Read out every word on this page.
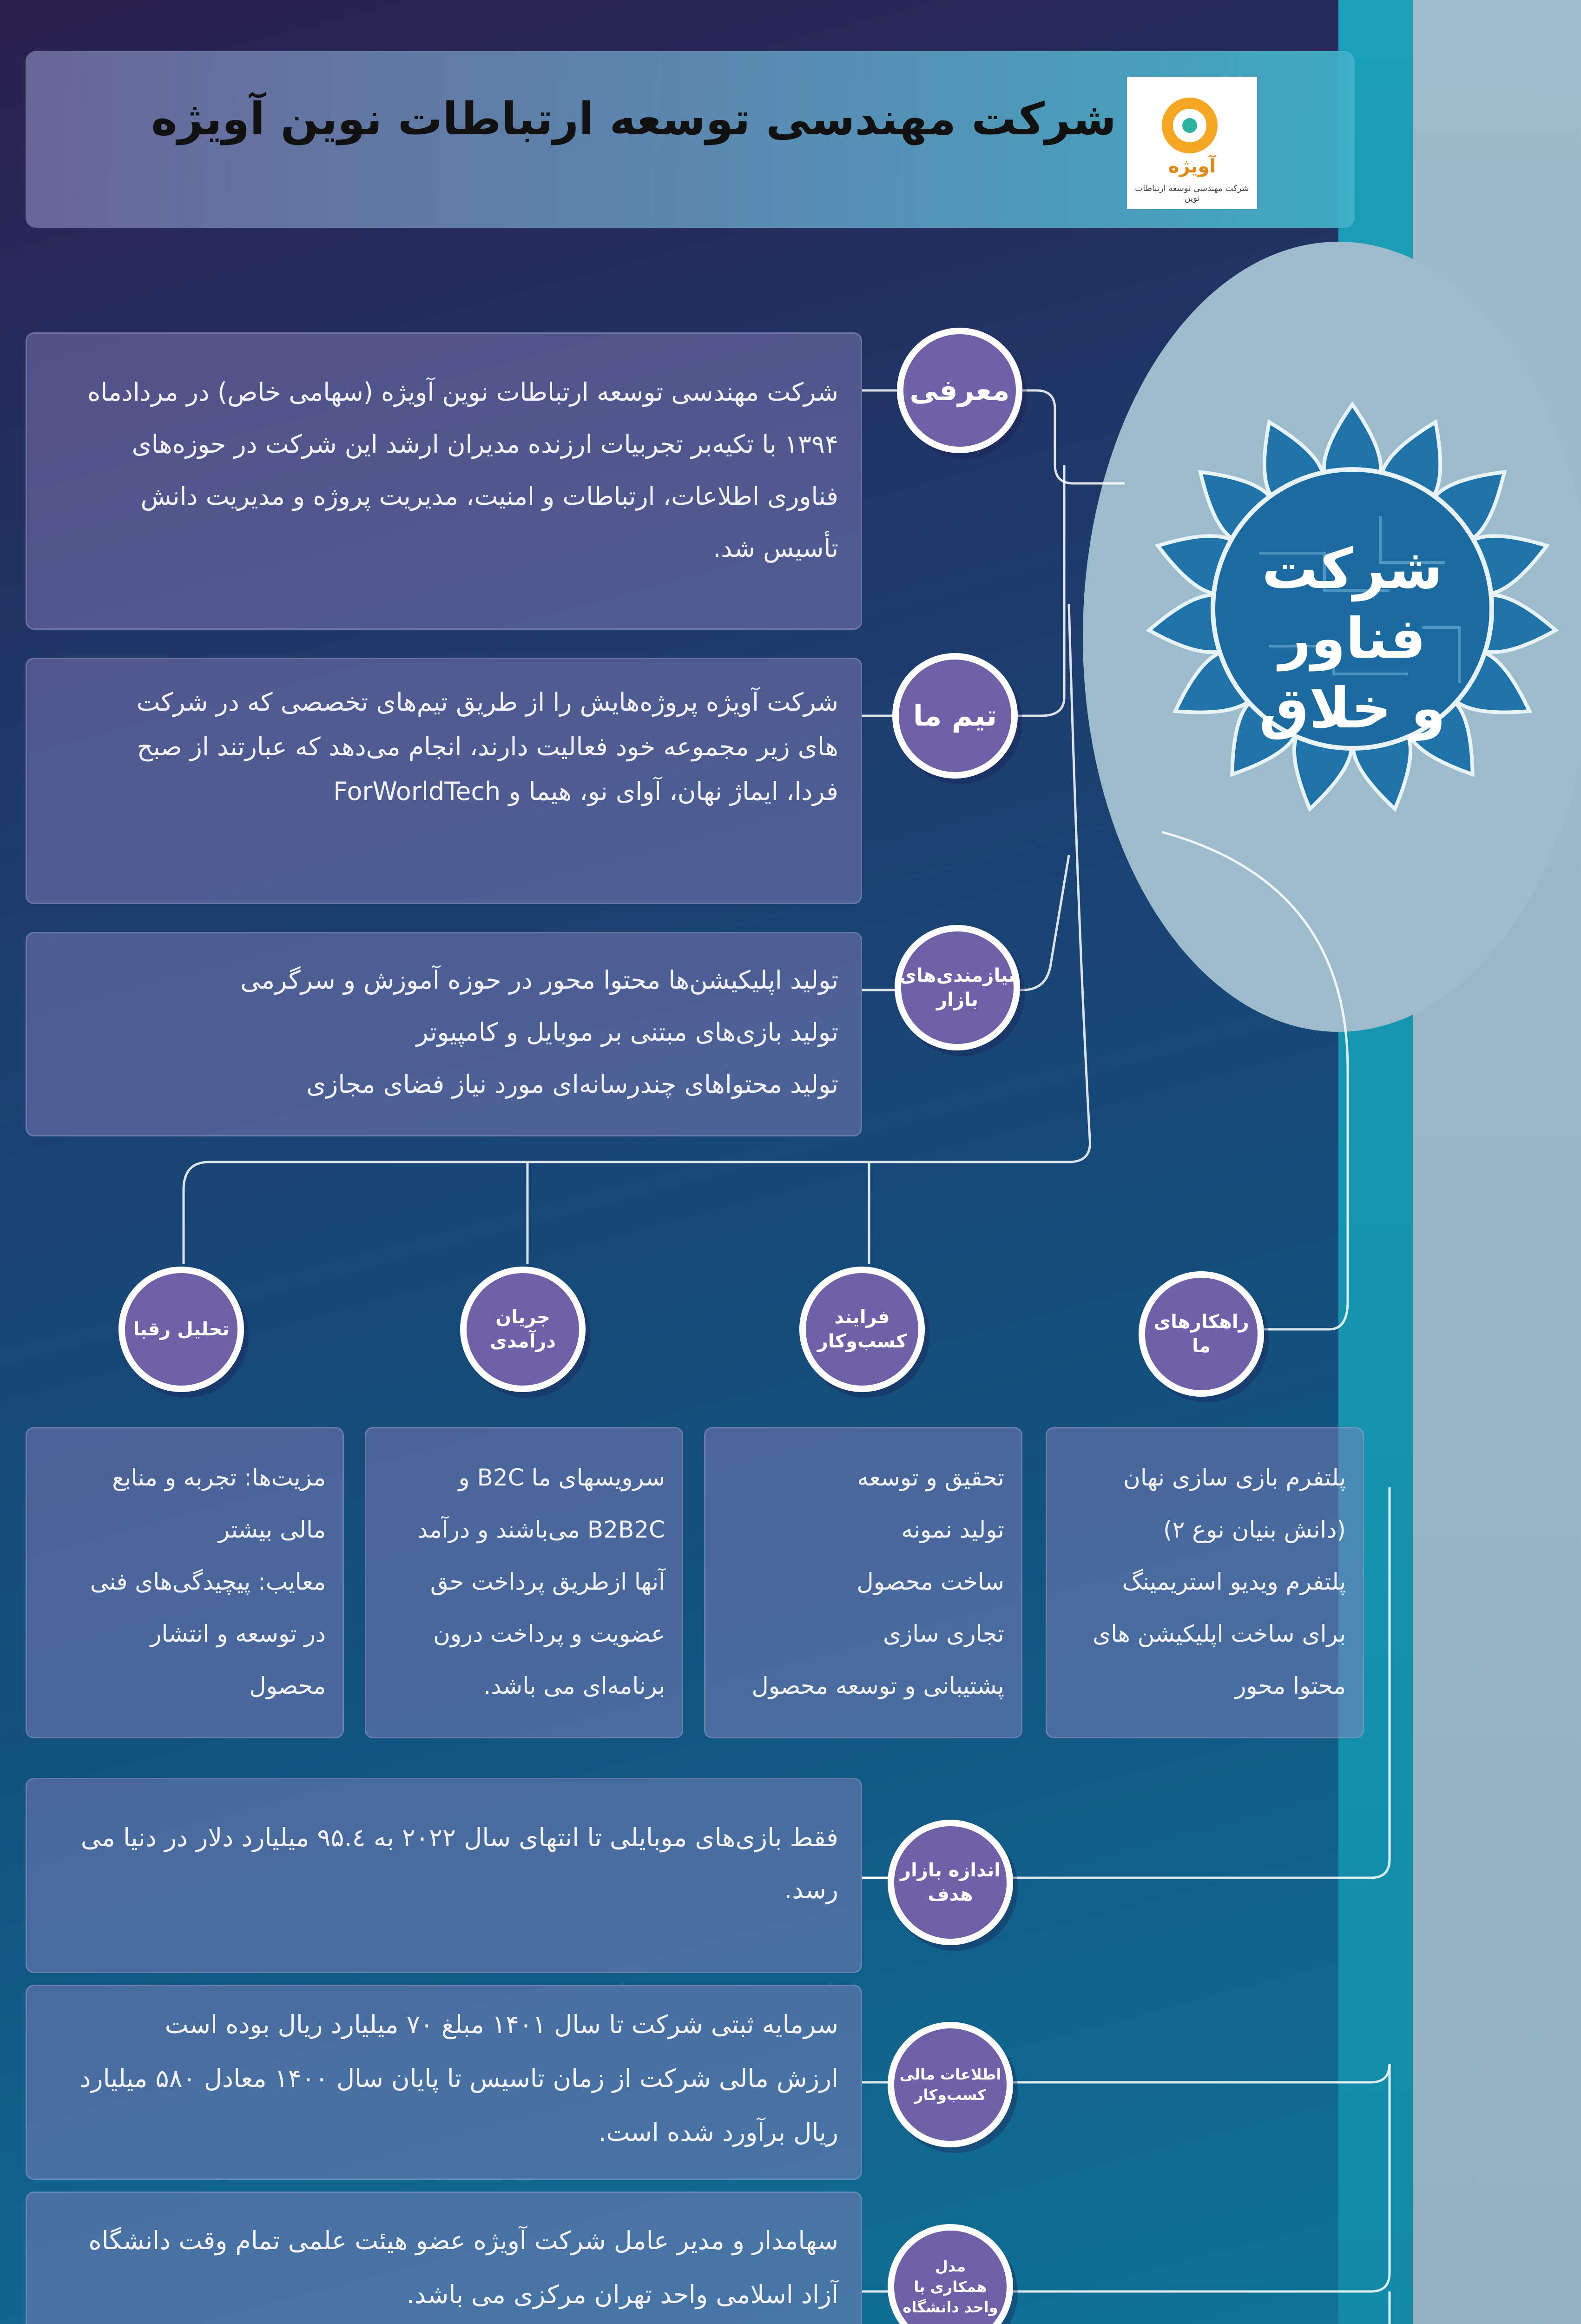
آویژه
شرکت مهندسی توسعه ارتباطات نوین
شرکت مهندسی توسعه ارتباطات نوین آویژه
شرکت فناور
و خلاق
شرکت مهندسی توسعه ارتباطات نوین آویژه (سهامی خاص) در مردادماه
۱۳۹۴ با تکیه‌بر تجربیات ارزنده مدیران ارشد این شرکت در حوزه‌های
فناوری اطلاعات، ارتباطات و امنیت، مدیریت پروژه و مدیریت دانش
تأسیس شد.
معرفی
شرکت آویژه پروژه‌هایش را از طریق تیم‌های تخصصی که در شرکت
های زیر مجموعه خود فعالیت دارند، انجام می‌دهد که عبارتند از صبح
فردا، ایماژ نهان، آوای نو، هیما و ForWorldTech
تیم ما
تولید اپلیکیشن‌ها محتوا محور در حوزه آموزش و سرگرمی
تولید بازی‌های مبتنی بر موبایل و کامپیوتر
تولید محتواهای چندرسانه‌ای مورد نیاز فضای مجازی
نیازمندی‌های
بازار
راهکارهای
ما
فرایند
کسب‌وکار
جریان
درآمدی
تحلیل رقبا
پلتفرم بازی سازی نهان
(دانش بنیان نوع ۲)
پلتفرم ویدیو استریمینگ
برای ساخت اپلیکیشن های
محتوا محور
تحقیق و توسعه
تولید نمونه
ساخت محصول
تجاری سازی
پشتیبانی و توسعه محصول
سرویسهای ما B2C و
B2B2C می‌باشند و درآمد
آنها ازطریق پرداخت حق
عضویت و پرداخت درون
برنامه‌ای می باشد.
مزیت‌ها: تجربه و منابع
مالی بیشتر
معایب: پیچیدگی‌های فنی
در توسعه و انتشار
محصول
فقط بازی‌های موبایلی تا انتهای سال ۲۰۲۲ به ۹۵.٤ میلیارد دلار در دنیا می
رسد.
اندازه بازار
هدف
سرمایه ثبتی شرکت تا سال ۱۴۰۱ مبلغ ۷۰ میلیارد ریال بوده است
ارزش مالی شرکت از زمان تاسیس تا پایان سال ۱۴۰۰ معادل ۵۸۰ میلیارد
ریال برآورد شده است.
اطلاعات مالی
کسب‌وکار
سهامدار و مدیر عامل شرکت آویژه عضو هیئت علمی تمام وقت دانشگاه
آزاد اسلامی واحد تهران مرکزی می باشد.
مدل
همکاری با
واحد دانشگاه
